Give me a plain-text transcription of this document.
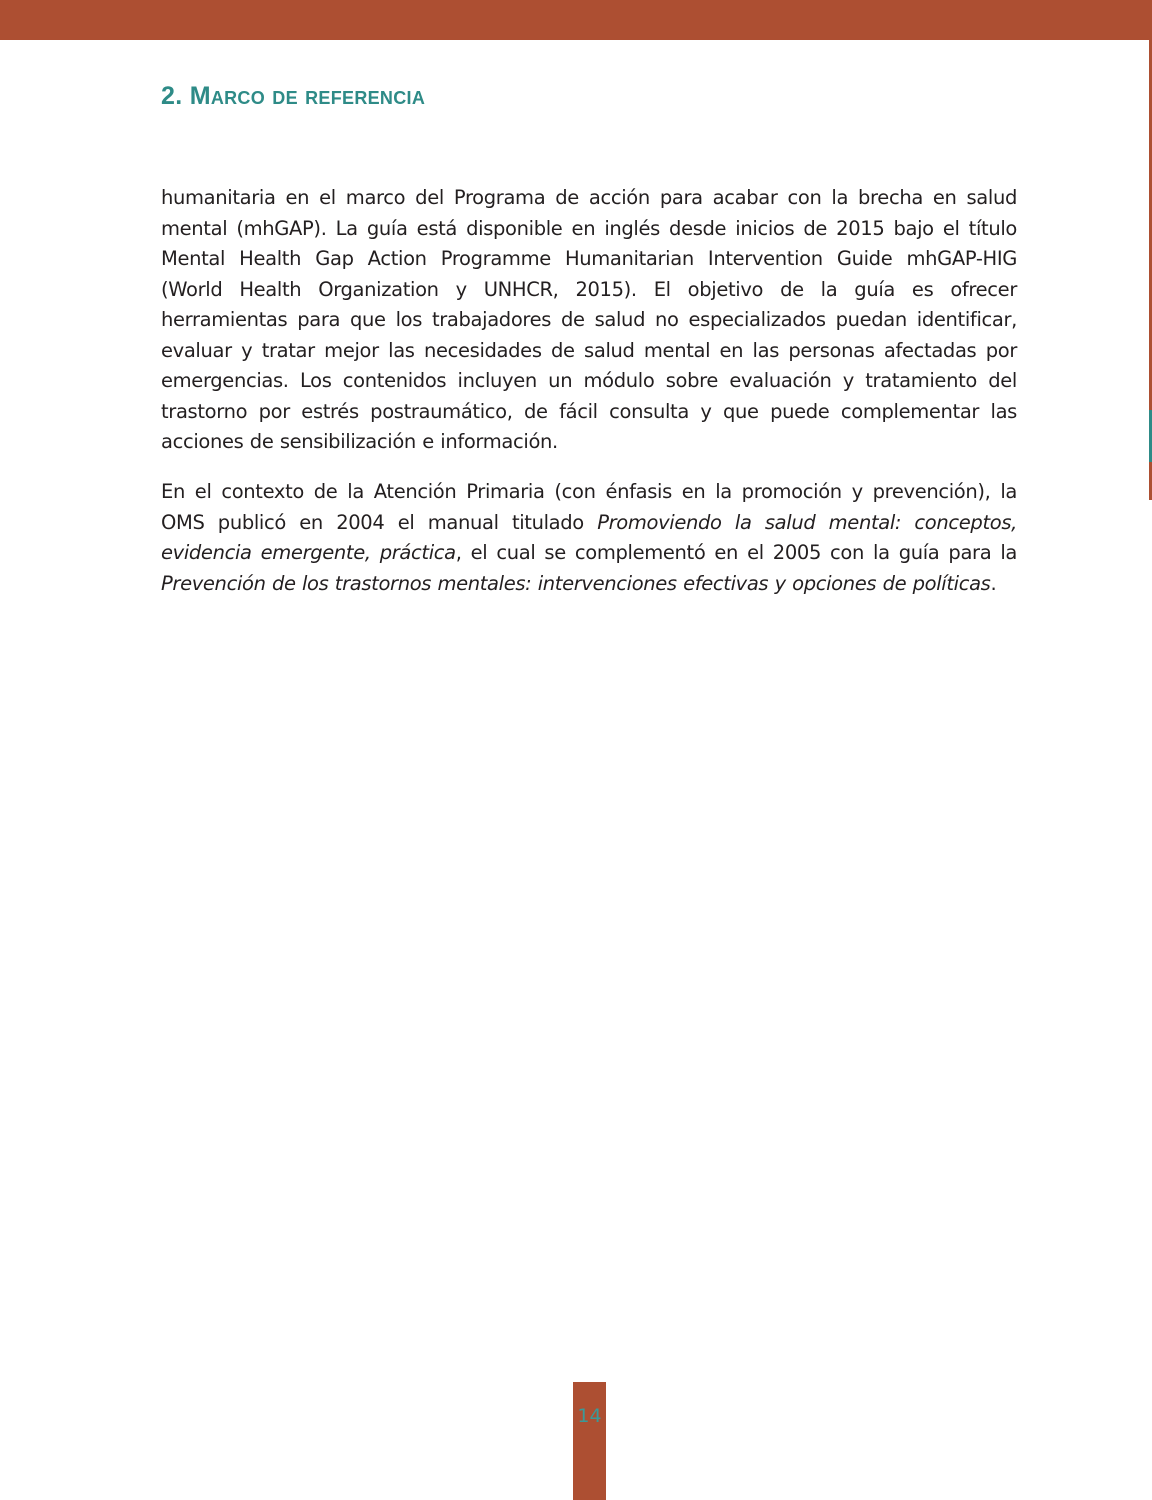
2. Marco de referencia

humanitaria en el marco del Programa de acción para acabar con la brecha en salud mental (mhGAP). La guía está disponible en inglés desde inicios de 2015 bajo el título Mental Health Gap Action Programme Humanitarian Intervention Guide mhGAP-HIG (World Health Organization y UNHCR, 2015). El objetivo de la guía es ofrecer herramientas para que los trabajadores de salud no especializados puedan identificar, evaluar y tratar mejor las necesidades de salud mental en las personas afectadas por emergencias. Los contenidos incluyen un módulo sobre evaluación y tratamiento del trastorno por estrés postraumático, de fácil consulta y que puede complementar las acciones de sensibilización e información.

En el contexto de la Atención Primaria (con énfasis en la promoción y prevención), la OMS publicó en 2004 el manual titulado Promoviendo la salud mental: conceptos, evidencia emergente, práctica, el cual se complementó en el 2005 con la guía para la Prevención de los trastornos mentales: intervenciones efectivas y opciones de políticas.

14
